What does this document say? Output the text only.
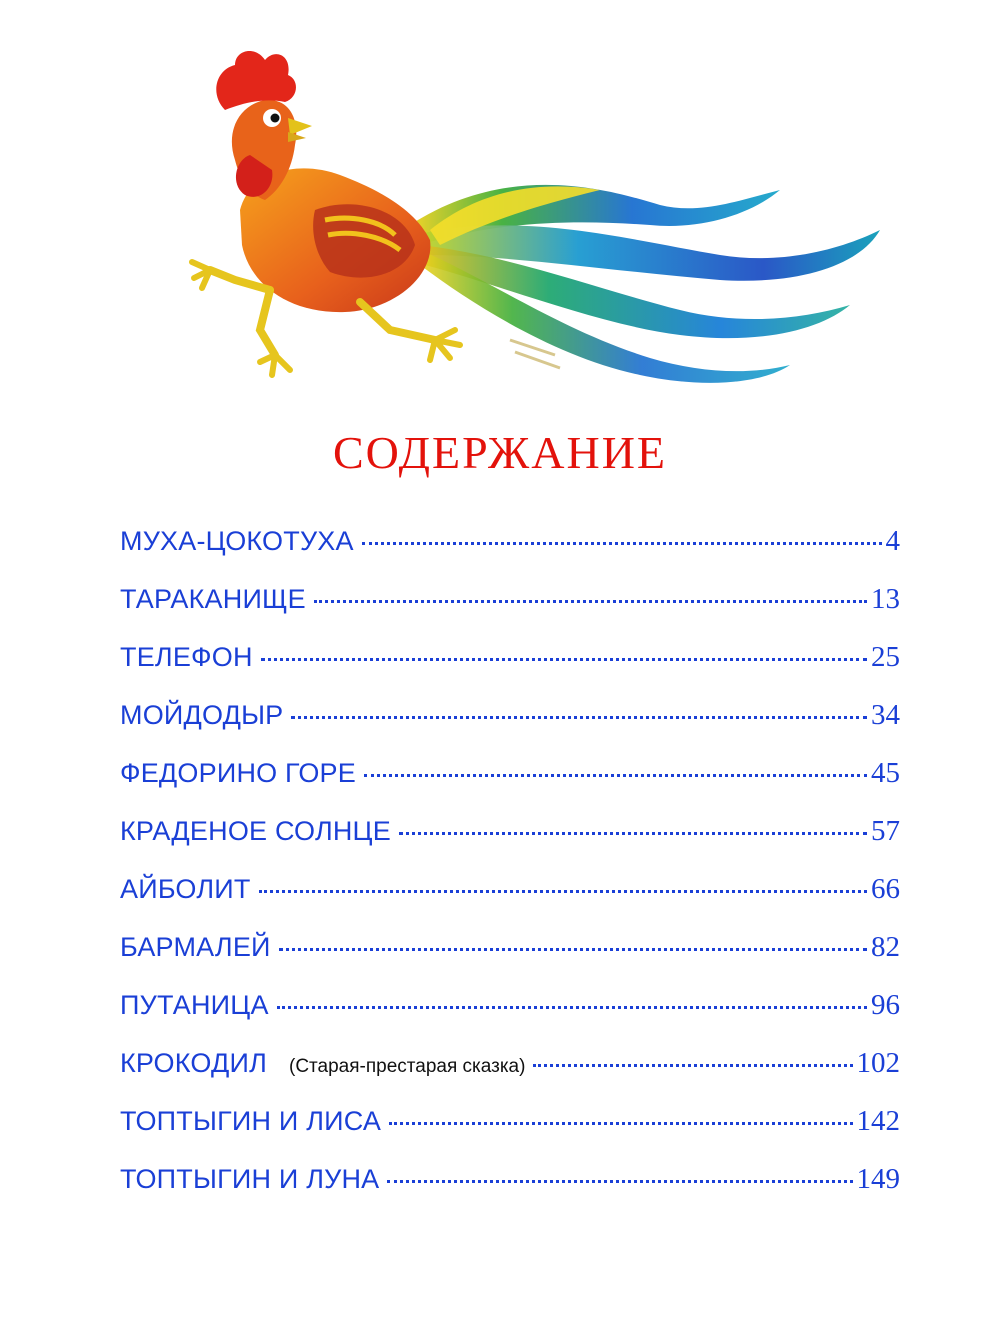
СОДЕРЖАНИЕ
МУХА-ЦОКОТУХА	4
ТАРАКАНИЩЕ	13
ТЕЛЕФОН	25
МОЙДОДЫР	34
ФЕДОРИНО ГОРЕ	45
КРАДЕНОЕ СОЛНЦЕ	57
АЙБОЛИТ	66
БАРМАЛЕЙ	82
ПУТАНИЦА	96
КРОКОДИЛ (Старая-престарая сказка)	102
ТОПТЫГИН И ЛИСА	142
ТОПТЫГИН И ЛУНА	149
